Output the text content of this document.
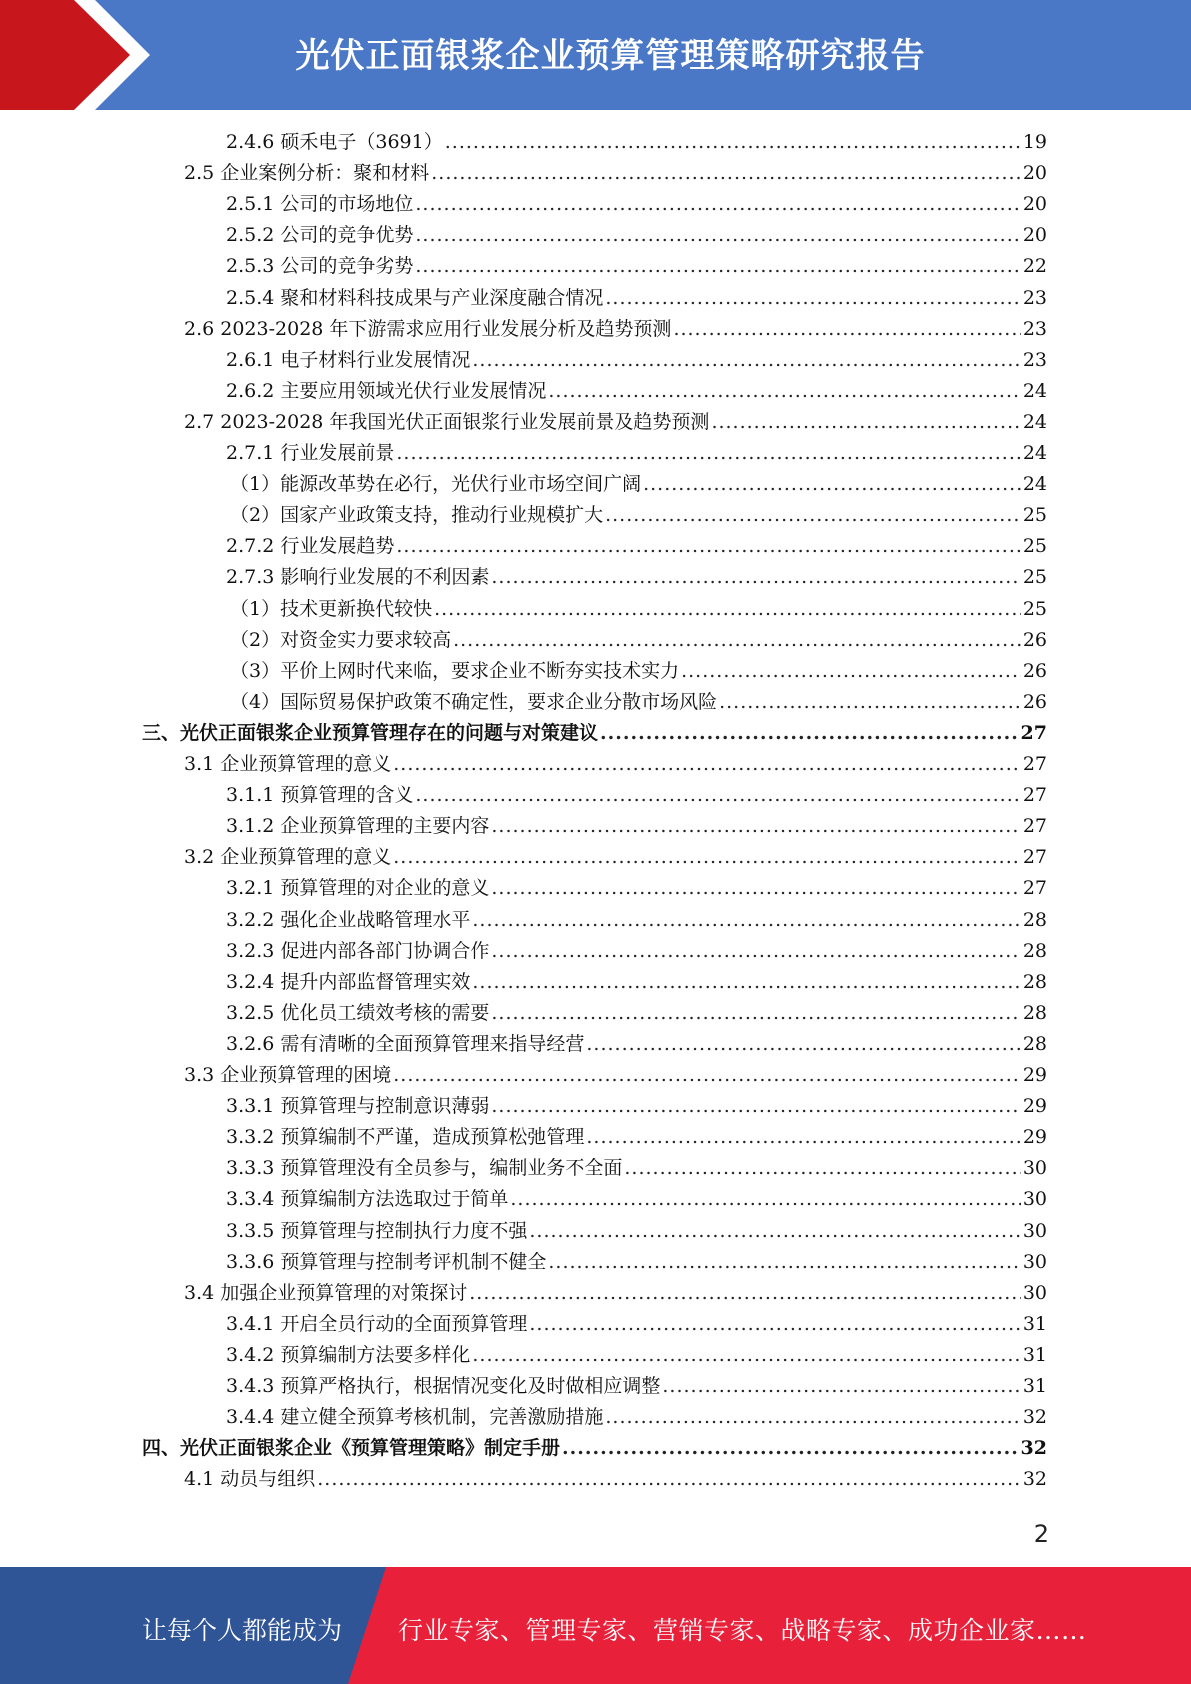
光伏正面银浆企业预算管理策略研究报告
2.4.6 硕禾电子（3691） .....	19
2.5 企业案例分析：聚和材料 .....	20
2.5.1 公司的市场地位 .....	20
2.5.2 公司的竞争优势 .....	20
2.5.3 公司的竞争劣势 .....	22
2.5.4 聚和材料科技成果与产业深度融合情况 .....	23
2.6 2023-2028 年下游需求应用行业发展分析及趋势预测 .....	23
2.6.1 电子材料行业发展情况 .....	23
2.6.2 主要应用领域光伏行业发展情况 .....	24
2.7 2023-2028 年我国光伏正面银浆行业发展前景及趋势预测 .....	24
2.7.1 行业发展前景 .....	24
（1）能源改革势在必行，光伏行业市场空间广阔 .....	24
（2）国家产业政策支持，推动行业规模扩大 .....	25
2.7.2 行业发展趋势 .....	25
2.7.3 影响行业发展的不利因素 .....	25
（1）技术更新换代较快 .....	25
（2）对资金实力要求较高 .....	26
（3）平价上网时代来临，要求企业不断夯实技术实力 .....	26
（4）国际贸易保护政策不确定性，要求企业分散市场风险 .....	26
三、光伏正面银浆企业预算管理存在的问题与对策建议 .....	27
3.1 企业预算管理的意义 .....	27
3.1.1 预算管理的含义 .....	27
3.1.2 企业预算管理的主要内容 .....	27
3.2 企业预算管理的意义 .....	27
3.2.1 预算管理的对企业的意义 .....	27
3.2.2 强化企业战略管理水平 .....	28
3.2.3 促进内部各部门协调合作 .....	28
3.2.4 提升内部监督管理实效 .....	28
3.2.5 优化员工绩效考核的需要 .....	28
3.2.6 需有清晰的全面预算管理来指导经营 .....	28
3.3 企业预算管理的困境 .....	29
3.3.1 预算管理与控制意识薄弱 .....	29
3.3.2 预算编制不严谨，造成预算松弛管理 .....	29
3.3.3 预算管理没有全员参与，编制业务不全面 .....	30
3.3.4 预算编制方法选取过于简单 .....	30
3.3.5 预算管理与控制执行力度不强 .....	30
3.3.6 预算管理与控制考评机制不健全 .....	30
3.4 加强企业预算管理的对策探讨 .....	30
3.4.1 开启全员行动的全面预算管理 .....	31
3.4.2 预算编制方法要多样化 .....	31
3.4.3 预算严格执行，根据情况变化及时做相应调整 .....	31
3.4.4 建立健全预算考核机制，完善激励措施 .....	32
四、光伏正面银浆企业《预算管理策略》制定手册 .....	32
4.1 动员与组织 .....	32
2
让每个人都能成为 行业专家、管理专家、营销专家、战略专家、成功企业家……
